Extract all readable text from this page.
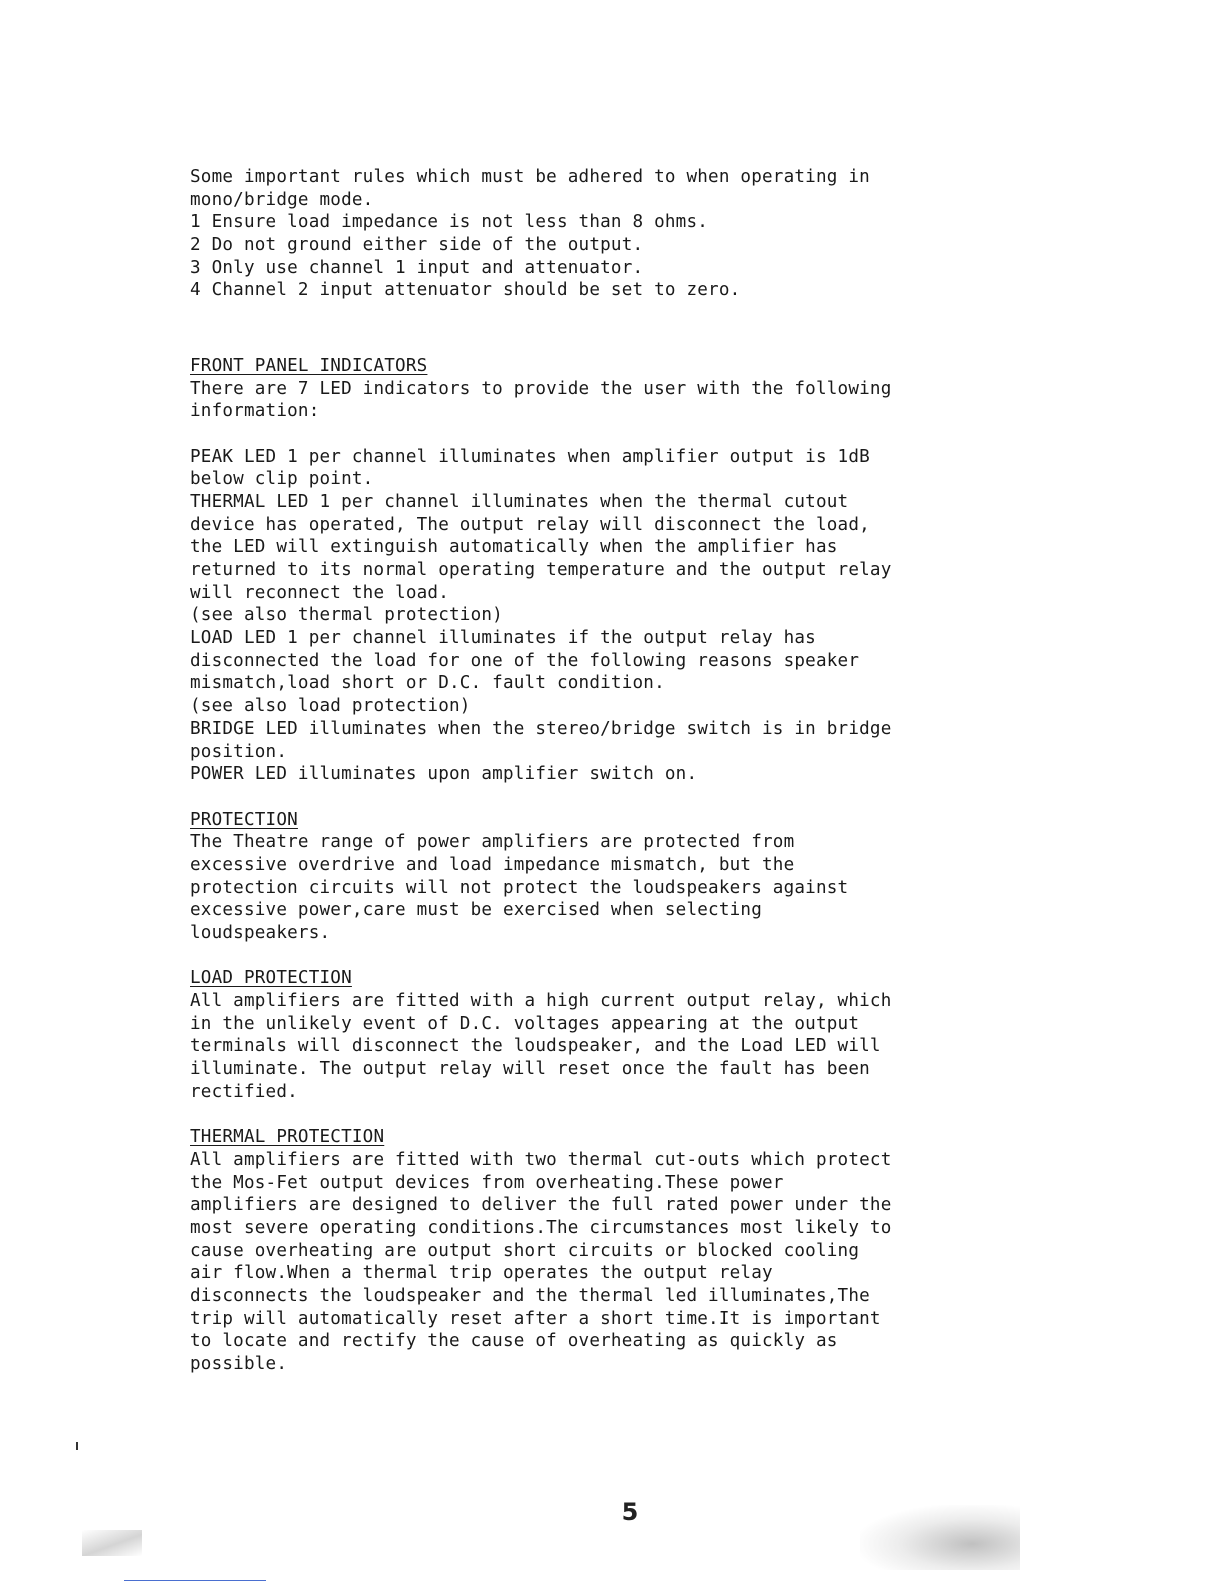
Some important rules which must be adhered to when operating in
mono/bridge mode.
1 Ensure load impedance is not less than 8 ohms.
2 Do not ground either side of the output.
3 Only use channel 1 input and attenuator.
4 Channel 2 input attenuator should be set to zero.
FRONT PANEL INDICATORS
There are 7 LED indicators to provide the user with the following
information:
PEAK LED 1 per channel illuminates when amplifier output is 1dB
below clip point.
THERMAL LED 1 per channel illuminates when the thermal cutout
device has operated, The output relay will disconnect the load,
the LED will extinguish automatically when the amplifier has
returned to its normal operating temperature and the output relay
will reconnect the load.
(see also thermal protection)
LOAD LED 1 per channel illuminates if the output relay has
disconnected the load for one of the following reasons speaker
mismatch,load short or D.C. fault condition.
(see also load protection)
BRIDGE LED illuminates when the stereo/bridge switch is in bridge
position.
POWER LED illuminates upon amplifier switch on.
PROTECTION
The Theatre range of power amplifiers are protected from
excessive overdrive and load impedance mismatch, but the
protection circuits will not protect the loudspeakers against
excessive power,care must be exercised when selecting
loudspeakers.
LOAD PROTECTION
All amplifiers are fitted with a high current output relay, which
in the unlikely event of D.C. voltages appearing at the output
terminals will disconnect the loudspeaker, and the Load LED will
illuminate. The output relay will reset once the fault has been
rectified.
THERMAL PROTECTION
All amplifiers are fitted with two thermal cut-outs which protect
the Mos-Fet output devices from overheating.These power
amplifiers are designed to deliver the full rated power under the
most severe operating conditions.The circumstances most likely to
cause overheating are output short circuits or blocked cooling
air flow.When a thermal trip operates the output relay
disconnects the loudspeaker and the thermal led illuminates,The
trip will automatically reset after a short time.It is important
to locate and rectify the cause of overheating as quickly as
possible.
5
